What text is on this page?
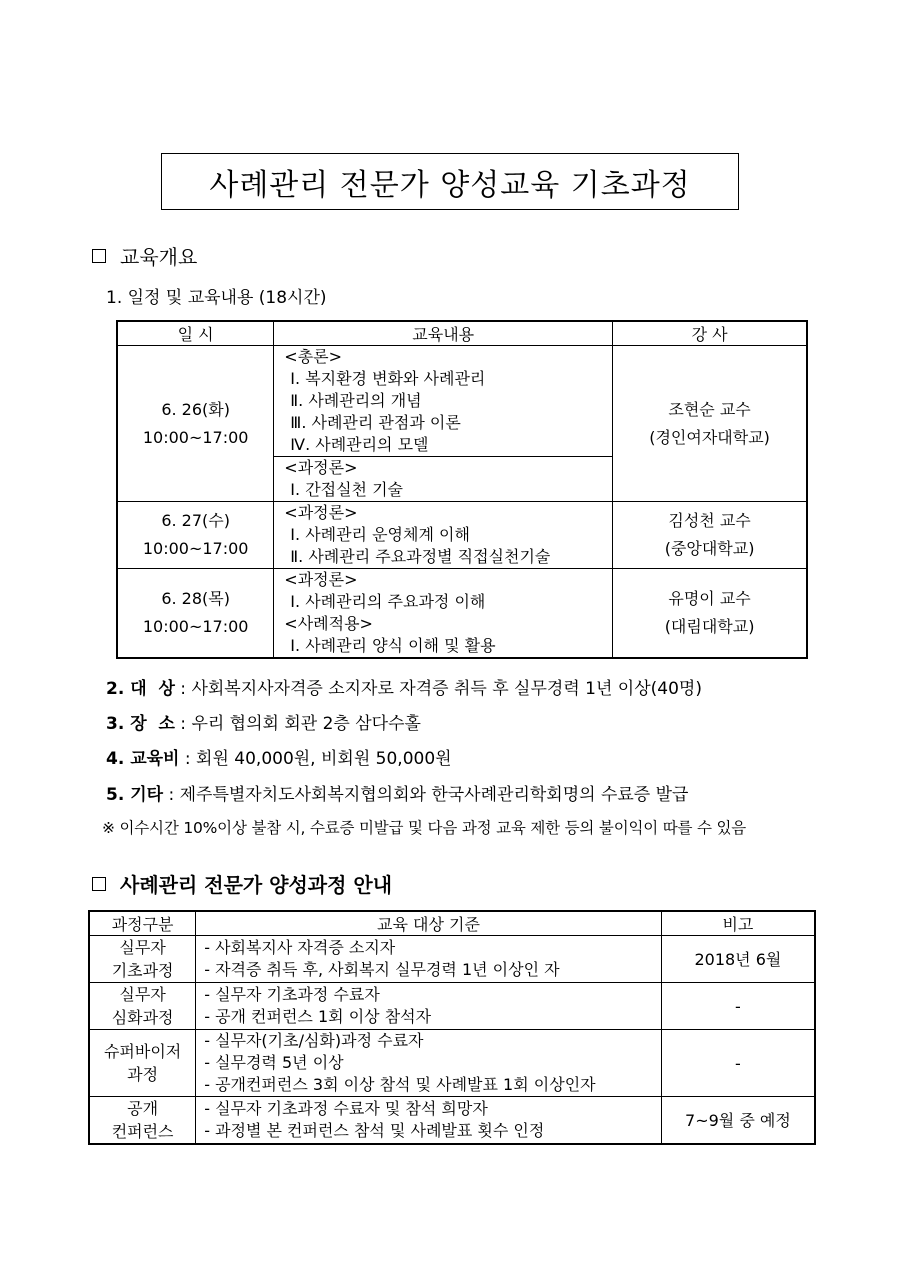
사례관리 전문가 양성교육 기초과정
교육개요
1. 일정 및 교육내용 (18시간)
일 시	교육내용	강 사

6. 26(화)
10:00~17:00	<총론>
Ⅰ. 복지환경 변화와 사례관리
Ⅱ. 사례관리의 개념
Ⅲ. 사례관리 관점과 이론
Ⅳ. 사례관리의 모델	조현순 교수
(경인여자대학교)

	<과정론>
Ⅰ. 간접실천 기술	

6. 27(수)
10:00~17:00	<과정론>
Ⅰ. 사례관리 운영체계 이해
Ⅱ. 사례관리 주요과정별 직접실천기술	김성천 교수
(중앙대학교)

6. 28(목)
10:00~17:00	<과정론>
Ⅰ. 사례관리의 주요과정 이해
<사례적용>
Ⅰ. 사례관리 양식 이해 및 활용	유명이 교수
(대림대학교)
2. 대  상 : 사회복지사자격증 소지자로 자격증 취득 후 실무경력 1년 이상(40명)
3. 장  소 : 우리 협의회 회관 2층 삼다수홀
4. 교육비 : 회원 40,000원, 비회원 50,000원
5. 기타 : 제주특별자치도사회복지협의회와 한국사례관리학회명의 수료증 발급
※ 이수시간 10%이상 불참 시, 수료증 미발급 및 다음 과정 교육 제한 등의 불이익이 따를 수 있음
사례관리 전문가 양성과정 안내
과정구분	교육 대상 기준	비고

실무자
기초과정	- 사회복지사 자격증 소지자
- 자격증 취득 후, 사회복지 실무경력 1년 이상인 자	2018년 6월

실무자
심화과정	- 실무자 기초과정 수료자
- 공개 컨퍼런스 1회 이상 참석자	-

슈퍼바이저
과정	- 실무자(기초/심화)과정 수료자
- 실무경력 5년 이상
- 공개컨퍼런스 3회 이상 참석 및 사례발표 1회 이상인자	-

공개
컨퍼런스	- 실무자 기초과정 수료자 및 참석 희망자
- 과정별 본 컨퍼런스 참석 및 사례발표 횟수 인정	7~9월 중 예정
